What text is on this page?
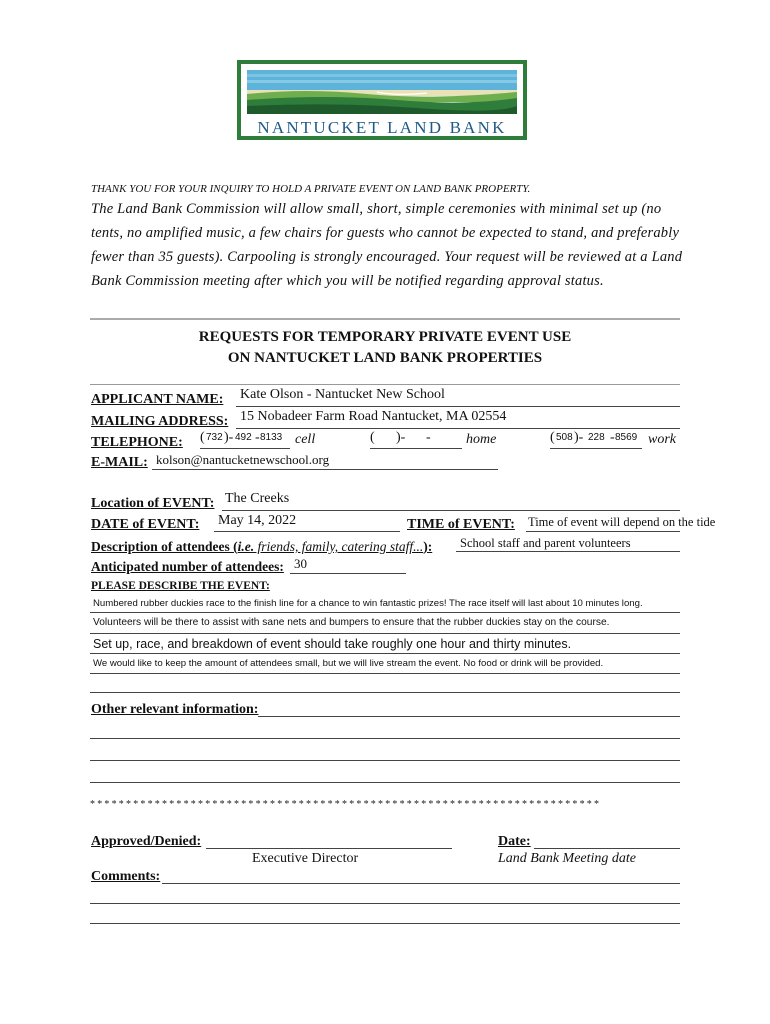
NANTUCKET LAND BANK
THANK YOU FOR YOUR INQUIRY TO HOLD A PRIVATE EVENT ON LAND BANK PROPERTY.
The Land Bank Commission will allow small, short, simple ceremonies with minimal set up (no
tents, no amplified music, a few chairs for guests who cannot be expected to stand, and preferably
fewer than 35 guests). Carpooling is strongly encouraged. Your request will be reviewed at a Land
Bank Commission meeting after which you will be notified regarding approval status.
REQUESTS FOR TEMPORARY PRIVATE EVENT USE
ON NANTUCKET LAND BANK PROPERTIES
APPLICANT NAME: Kate Olson - Nantucket New School
MAILING ADDRESS: 15 Nobadeer Farm Road Nantucket, MA 02554
TELEPHONE: ( 732 )- 492 - 8133 cell	( )- -	home	( 508 )- 228 - 8569 work
E-MAIL: kolson@nantucketnewschool.org
Location of EVENT: The Creeks
DATE of EVENT: May 14, 2022	TIME of EVENT: Time of event will depend on the tide
Description of attendees (i.e. friends, family, catering staff...): School staff and parent volunteers
Anticipated number of attendees: 30
PLEASE DESCRIBE THE EVENT:
Numbered rubber duckies race to the finish line for a chance to win fantastic prizes! The race itself will last about 10 minutes long.
Volunteers will be there to assist with sane nets and bumpers to ensure that the rubber duckies stay on the course.
Set up, race, and breakdown of event should take roughly one hour and thirty minutes.
We would like to keep the amount of attendees small, but we will live stream the event. No food or drink will be provided.
Other relevant information:
***********************************************************************
Approved/Denied:
Executive Director
Date:
Land Bank Meeting date
Comments:
